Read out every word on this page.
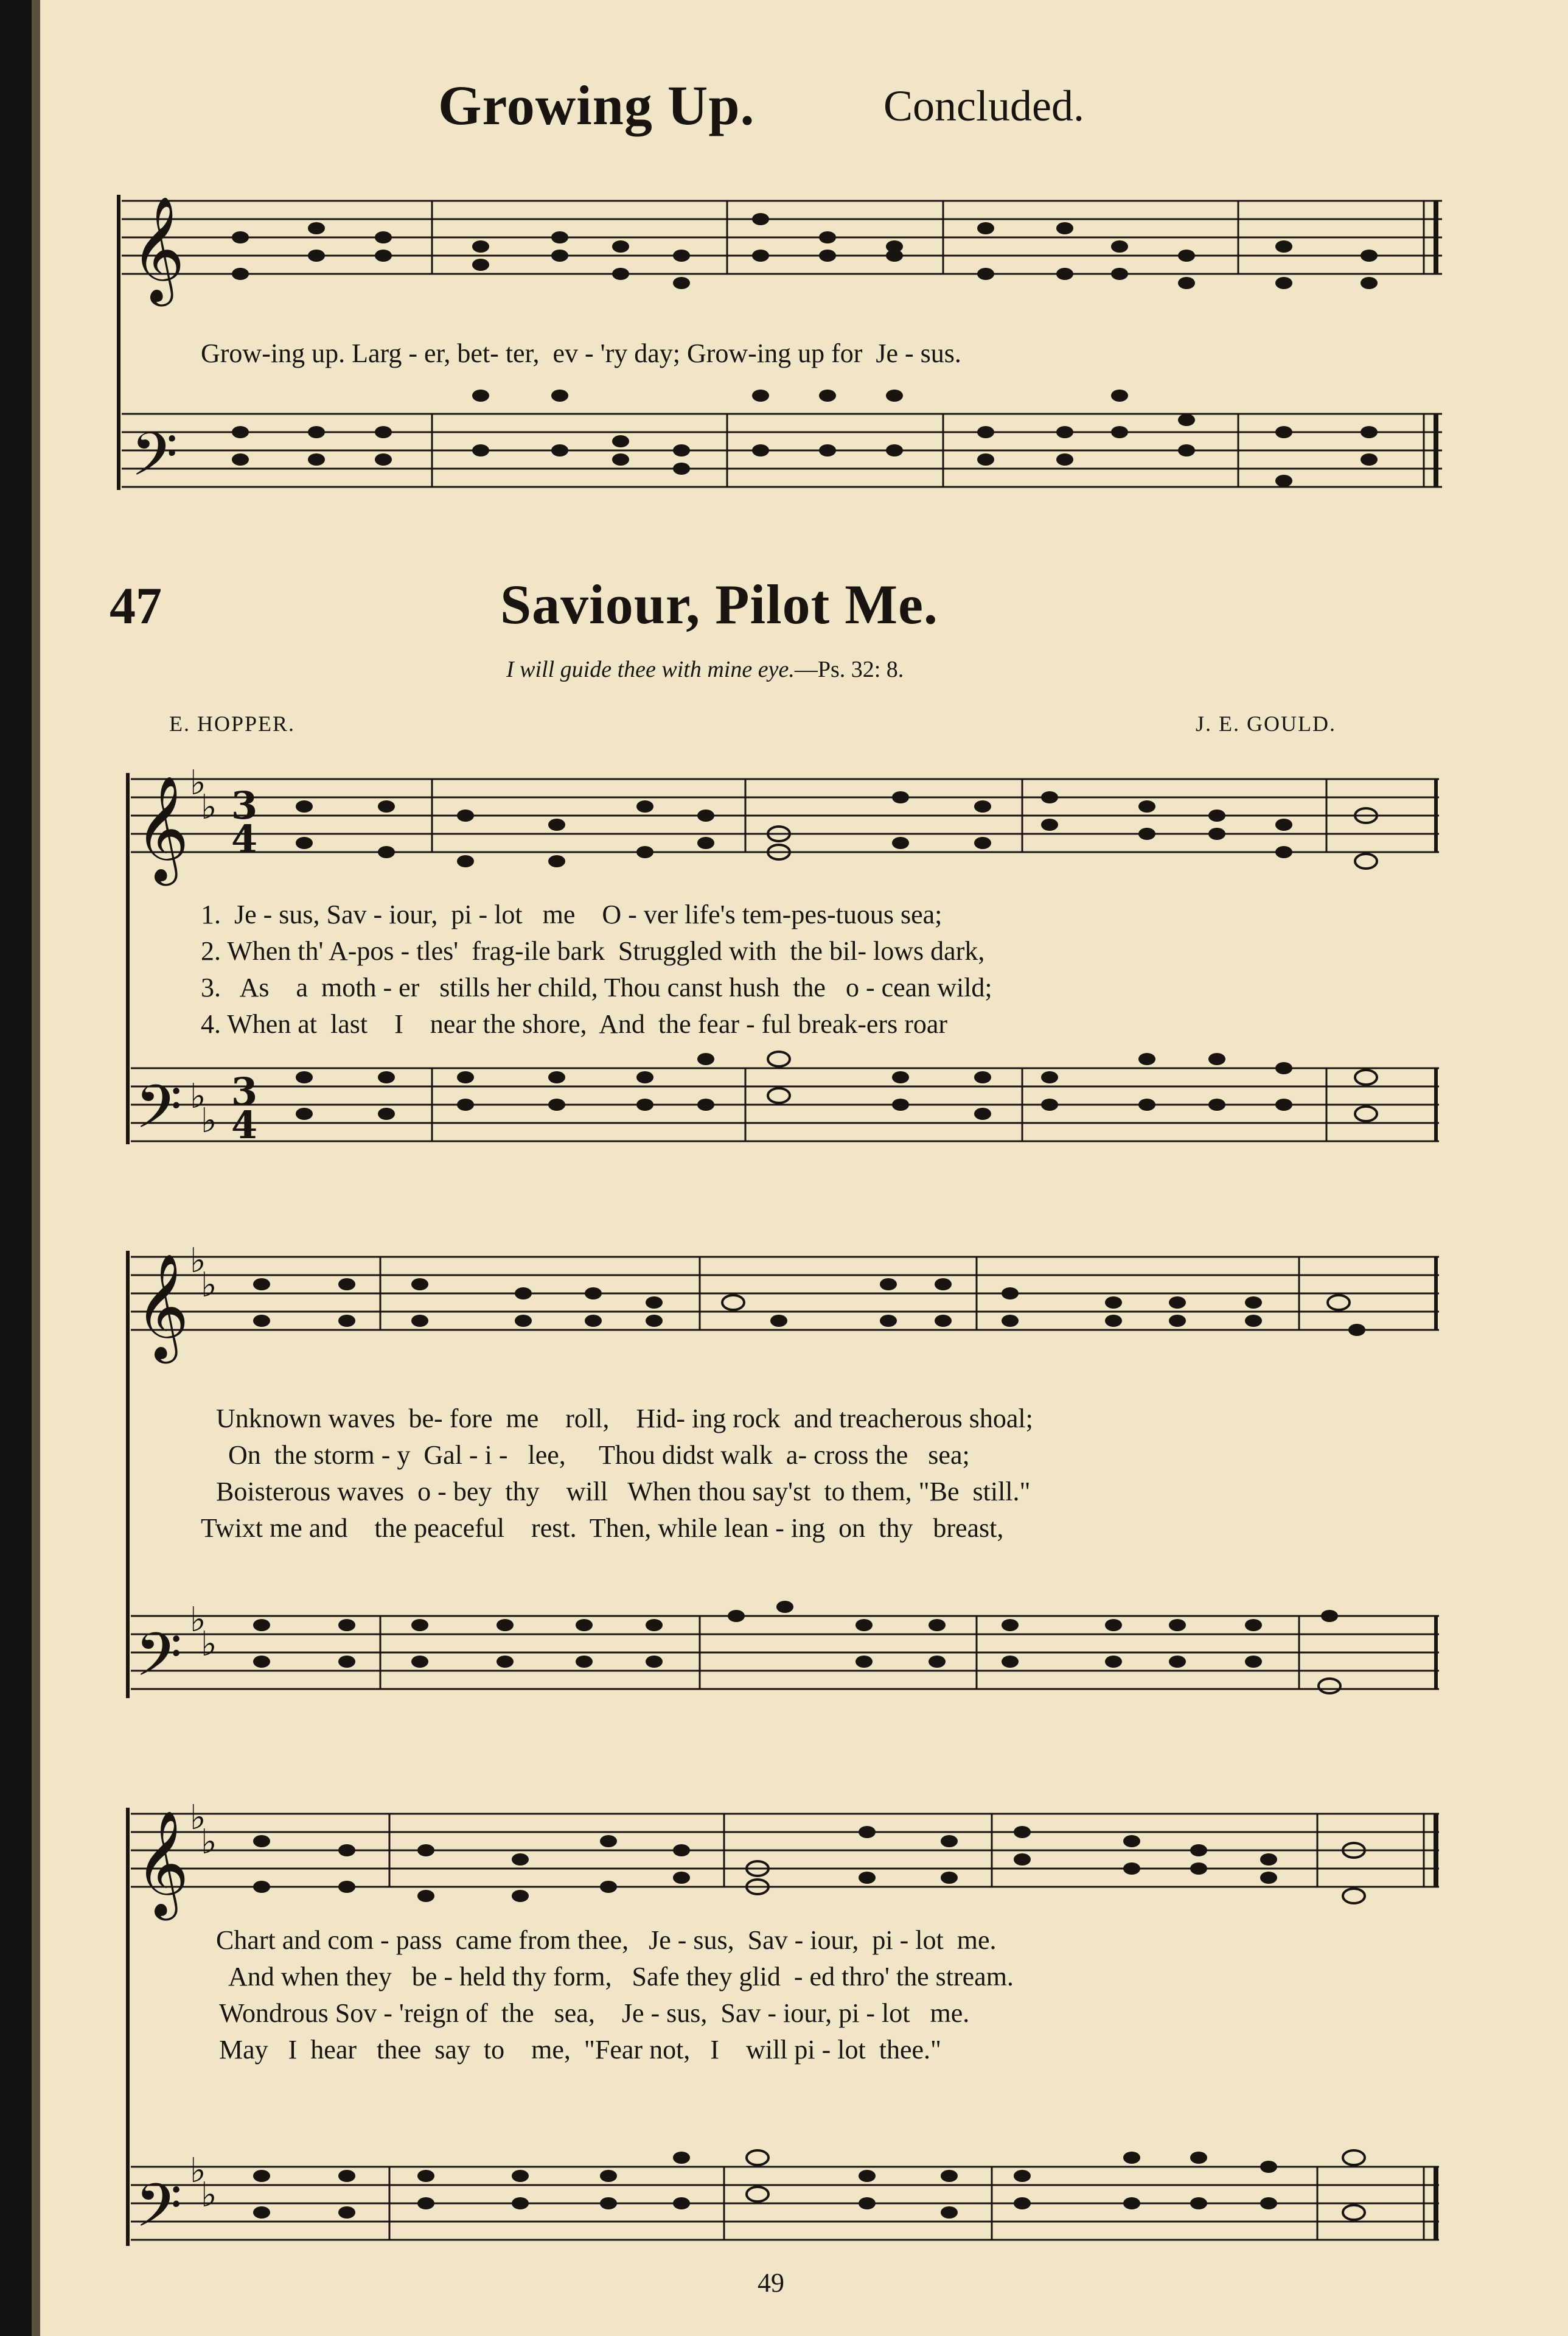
Growing Up.	Concluded.
𝄞
𝄢
Grow-ing up. Larg - er, bet- ter,  ev - 'ry day; Grow-ing up for  Je - sus.
47	Saviour, Pilot Me.
I will guide thee with mine eye.—Ps. 32: 8.
E. HOPPER.	J. E. GOULD.
𝄞
𝄢
𝄞
𝄢
𝄞
𝄢
♭
♭
♭
♭
♭
♭
♭
♭
♭
♭
♭
♭
3
4
3
4
1.  Je - sus, Sav - iour,  pi - lot   me    O - ver life's tem-pes-tuous sea;
2. When th' A-pos - tles'  frag-ile bark  Struggled with  the bil- lows dark,
3.   As    a  moth - er   stills her child, Thou canst hush  the   o - cean wild;
4. When at  last    I    near the shore,  And  the fear - ful break-ers roar
Unknown waves  be- fore  me    roll,    Hid- ing rock  and treacherous shoal;
On  the storm - y  Gal - i -   lee,     Thou didst walk  a- cross the   sea;
Boisterous waves  o - bey  thy    will   When thou say'st  to them, "Be  still."
Twixt me and    the peaceful    rest.  Then, while lean - ing  on  thy   breast,
Chart and com - pass  came from thee,   Je - sus,  Sav - iour,  pi - lot  me.
And when they   be - held thy form,   Safe they glid  - ed thro' the stream.
Wondrous Sov - 'reign of  the   sea,    Je - sus,  Sav - iour, pi - lot   me.
May   I  hear   thee  say  to    me,  "Fear not,   I    will pi - lot  thee."
49
